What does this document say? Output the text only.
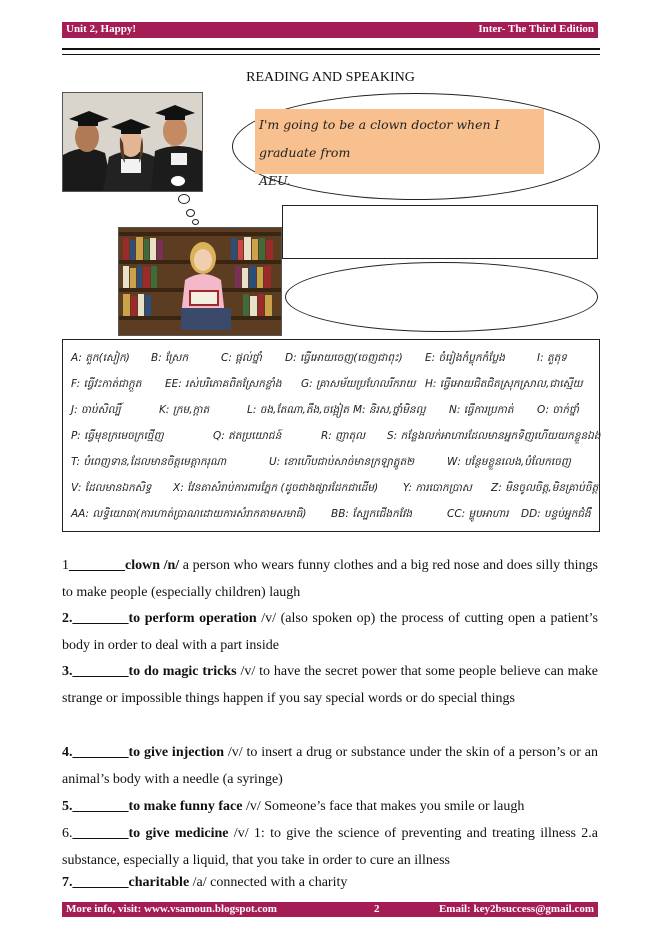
Unit 2, Happy!	Inter- The Third Edition
READING AND SPEAKING
I'm going to be a clown doctor when I graduate from
AEU.
A: តួក(សៀក) B: ស្រែក	C: ផ្តល់ថ្នាំ D: ធ្វើអោយចេញ(ចេញជាពុះ) E: ចំរៀងកំប្លុកកំប្លែង	I: តួតុទ
F: ធ្វើវះកាត់ជាក្ដួត EE: រស់បរិភោគពិតស្រែកខ្លាំង G: គ្រាសម័យប្រហែលរីករាយ H: ធ្វើអោយជិតជិតស្រុកស្រាល,ជាស្មើយ
J: ចាប់សិល្បិ៍	K: ក្រម,ក្ដាត	L: ចង,តែណា,តឹង,ចង្អៀត M: និរស,ថ្នាំមិនល្អ N: ធ្វើការប្រកាត់ O: ចាក់ថ្នាំ
P: ធ្វើមុខក្រមេចក្រថ្មើញ	Q: ឥតប្រយោជន៍	R: ញាតុល S: កន្លែងលក់អាហារដែលមានអ្នកទិញហើយយកខ្លួនឯង
T: បំពេញទាន,ដែលមានចិត្តមេត្តាករុណា	U: ខោហើបជាប់សាច់មានក្រឡាត្នូត២	W: បន្ថែមខ្លួនលេង,បំលែកចេញ
V: ដែលមានឯកសិទ្ធ X: វែនតាសំរាប់ការពារភ្នែក (ដូចជាងផ្សារដែកជាដើម) Y: ការបោកប្រាស Z: មិនចូលចិត្ត,មិនគ្រាប់ចិត្ត
AA: លទ្ធិយោធា(ការហាត់ប្រាណដោយការសំរាកតាមសមាធិ) BB: ស្បែកជើងកវែង	CC: ម្ហូបអាហារ DD: បន្ទប់អ្នកជំងឺ
1________clown /n/ a person who wears funny clothes and a big red nose and does silly things to make people (especially children) laugh
2.________to perform operation /v/ (also spoken op) the process of cutting open a patient’s body in order to deal with a part inside
3.________to do magic tricks /v/ to have the secret power that some people believe can make strange or impossible things happen if you say special words or do special things
4.________to give injection /v/ to insert a drug or substance under the skin of a person’s or an animal’s body with a needle (a syringe)
5.________to make funny face /v/ Someone’s face that makes you smile or laugh
6.________to give medicine /v/ 1: to give the science of preventing and treating illness 2.a substance, especially a liquid, that you take in order to cure an illness
7.________charitable /a/ connected with a charity
More info, visit: www.vsamoun.blogspot.com	2	Email: key2bsuccess@gmail.com
